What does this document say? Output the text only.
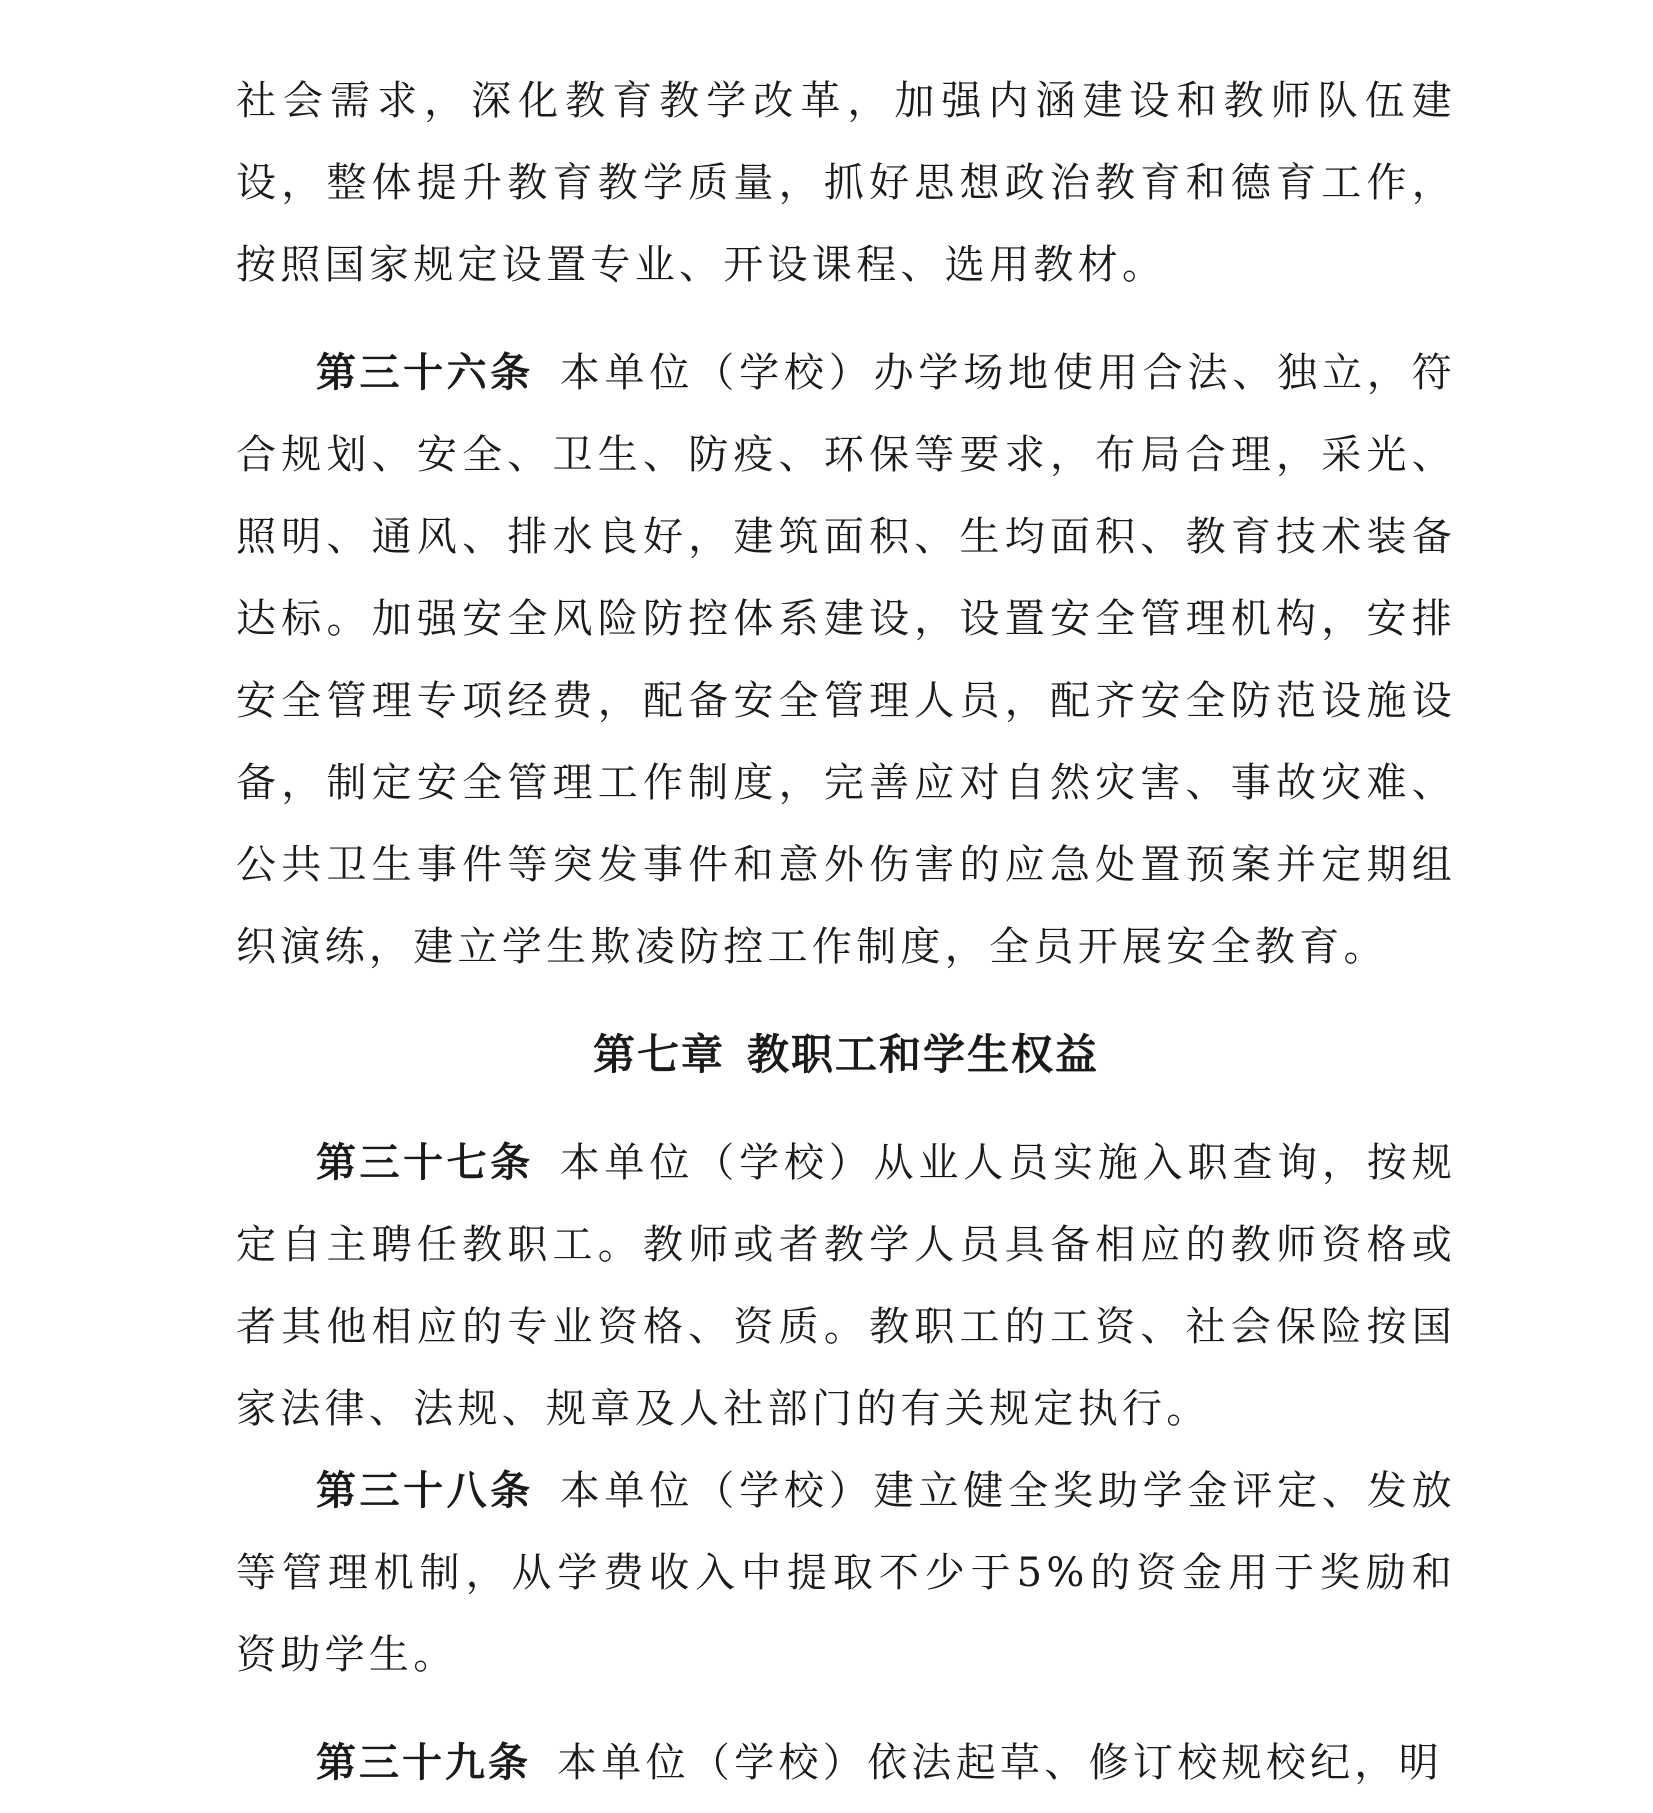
社会需求，深化教育教学改革，加强内涵建设和教师队伍建设，整体提升教育教学质量，抓好思想政治教育和德育工作，按照国家规定设置专业、开设课程、选用教材。

第三十六条 本单位（学校）办学场地使用合法、独立，符合规划、安全、卫生、防疫、环保等要求，布局合理，采光、照明、通风、排水良好，建筑面积、生均面积、教育技术装备达标。加强安全风险防控体系建设，设置安全管理机构，安排安全管理专项经费，配备安全管理人员，配齐安全防范设施设备，制定安全管理工作制度，完善应对自然灾害、事故灾难、公共卫生事件等突发事件和意外伤害的应急处置预案并定期组织演练，建立学生欺凌防控工作制度，全员开展安全教育。

第七章 教职工和学生权益

第三十七条 本单位（学校）从业人员实施入职查询，按规定自主聘任教职工。教师或者教学人员具备相应的教师资格或者其他相应的专业资格、资质。教职工的工资、社会保险按国家法律、法规、规章及人社部门的有关规定执行。

第三十八条 本单位（学校）建立健全奖助学金评定、发放等管理机制，从学费收入中提取不少于5%的资金用于奖励和资助学生。

第三十九条 本单位（学校）依法起草、修订校规校纪，明
